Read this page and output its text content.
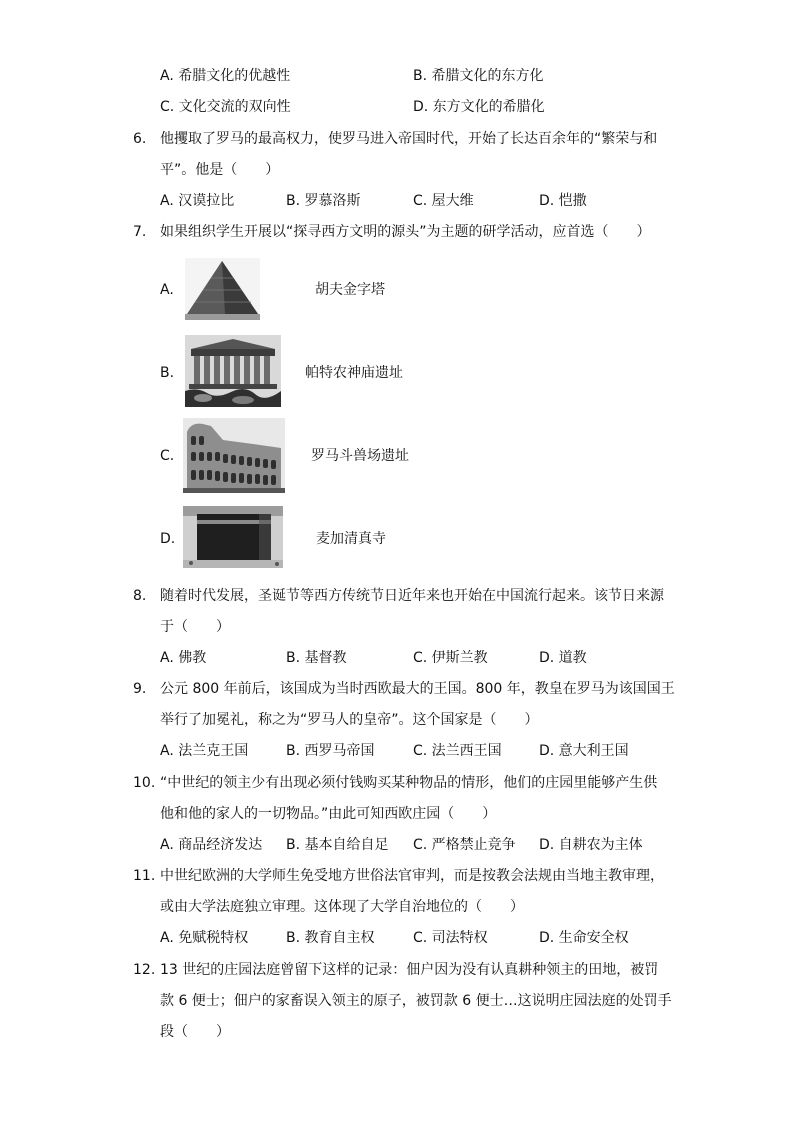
A. 希腊文化的优越性	B. 希腊文化的东方化
C. 文化交流的双向性	D. 东方文化的希腊化
6. 他攫取了罗马的最高权力，使罗马进入帝国时代，开始了长达百余年的“繁荣与和
平”。他是（　　）
A. 汉谟拉比	B. 罗慕洛斯	C. 屋大维	D. 恺撒
7. 如果组织学生开展以“探寻西方文明的源头”为主题的研学活动，应首选（　　）
A.	胡夫金字塔
B.	帕特农神庙遗址
C.	罗马斗兽场遗址
D.	麦加清真寺
8. 随着时代发展，圣诞节等西方传统节日近年来也开始在中国流行起来。该节日来源
于（　　）
A. 佛教	B. 基督教	C. 伊斯兰教	D. 道教
9. 公元 800 年前后，该国成为当时西欧最大的王国。800 年，教皇在罗马为该国国王
举行了加冕礼，称之为“罗马人的皇帝”。这个国家是（　　）
A. 法兰克王国	B. 西罗马帝国	C. 法兰西王国	D. 意大利王国
10. “中世纪的领主少有出现必须付钱购买某种物品的情形，他们的庄园里能够产生供
他和他的家人的一切物品。”由此可知西欧庄园（　　）
A. 商品经济发达 B. 基本自给自足 C. 严格禁止竞争 D. 自耕农为主体
11. 中世纪欧洲的大学师生免受地方世俗法官审判，而是按教会法规由当地主教审理，
或由大学法庭独立审理。这体现了大学自治地位的（　　）
A. 免赋税特权	B. 教育自主权	C. 司法特权	D. 生命安全权
12. 13 世纪的庄园法庭曾留下这样的记录：佃户因为没有认真耕种领主的田地，被罚
款 6 便士；佃户的家畜误入领主的原子，被罚款 6 便士…这说明庄园法庭的处罚手
段（　　）
